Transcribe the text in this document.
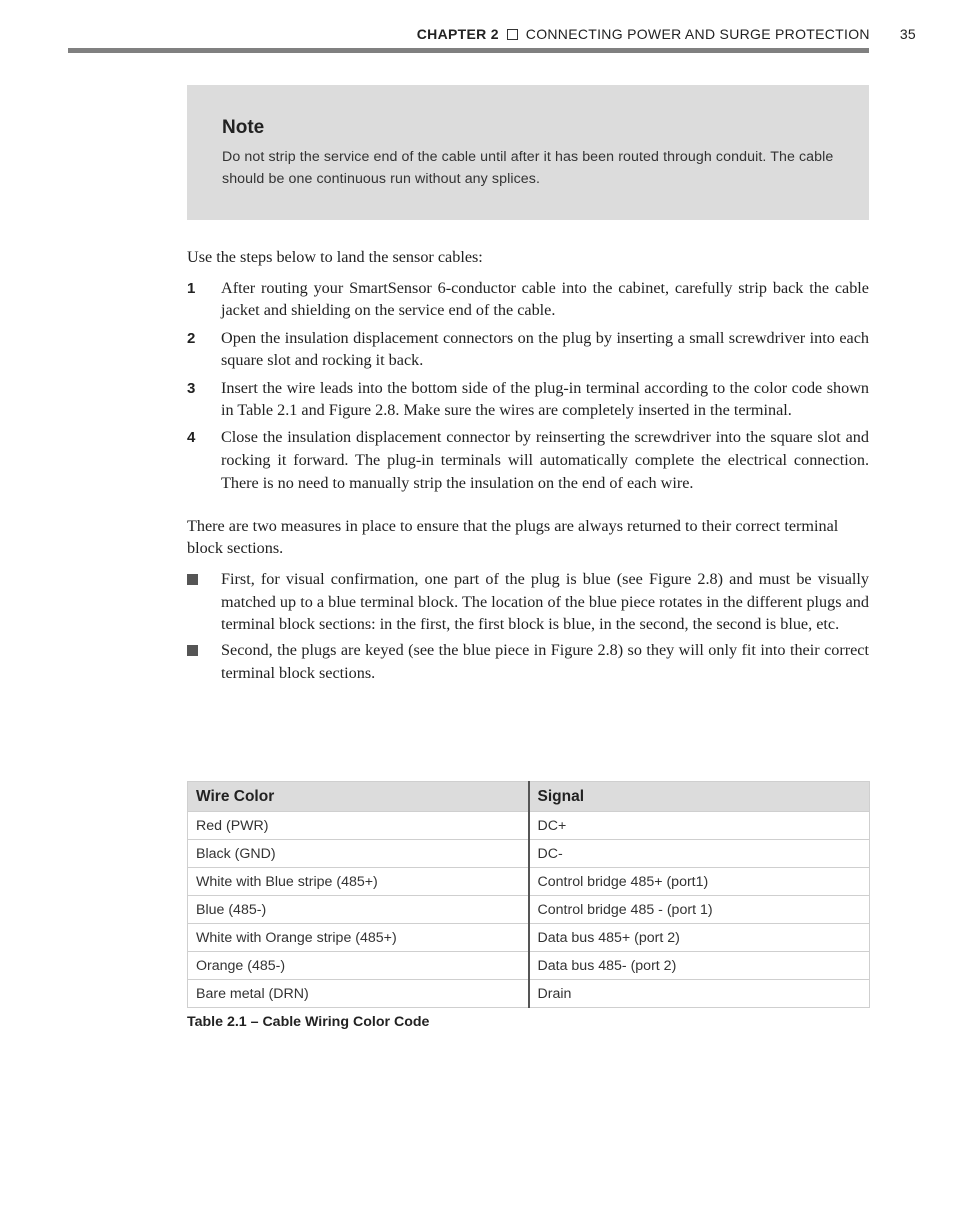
CHAPTER 2 CONNECTING POWER AND SURGE PROTECTION 35
Note
Do not strip the service end of the cable until after it has been routed through conduit. The cable should be one continuous run without any splices.
Use the steps below to land the sensor cables:
1	After routing your SmartSensor 6-conductor cable into the cabinet, carefully strip back the cable jacket and shielding on the service end of the cable.
2	Open the insulation displacement connectors on the plug by inserting a small screwdriver into each square slot and rocking it back.
3	Insert the wire leads into the bottom side of the plug-in terminal according to the color code shown in Table 2.1 and Figure 2.8. Make sure the wires are completely inserted in the terminal.
4	Close the insulation displacement connector by reinserting the screwdriver into the square slot and rocking it forward. The plug-in terminals will automatically complete the electrical connection. There is no need to manually strip the insulation on the end of each wire.
There are two measures in place to ensure that the plugs are always returned to their correct terminal block sections.
First, for visual confirmation, one part of the plug is blue (see Figure 2.8) and must be visually matched up to a blue terminal block. The location of the blue piece rotates in the different plugs and terminal block sections: in the first, the first block is blue, in the second, the second is blue, etc.
Second, the plugs are keyed (see the blue piece in Figure 2.8) so they will only fit into their correct terminal block sections.
Wire Color	Signal
Red (PWR)	DC+
Black (GND)	DC-
White with Blue stripe (485+)	Control bridge 485+ (port1)
Blue (485-)	Control bridge 485 - (port 1)
White with Orange stripe (485+)	Data bus 485+ (port 2)
Orange (485-)	Data bus 485- (port 2)
Bare metal (DRN)	Drain
Table 2.1 – Cable Wiring Color Code
